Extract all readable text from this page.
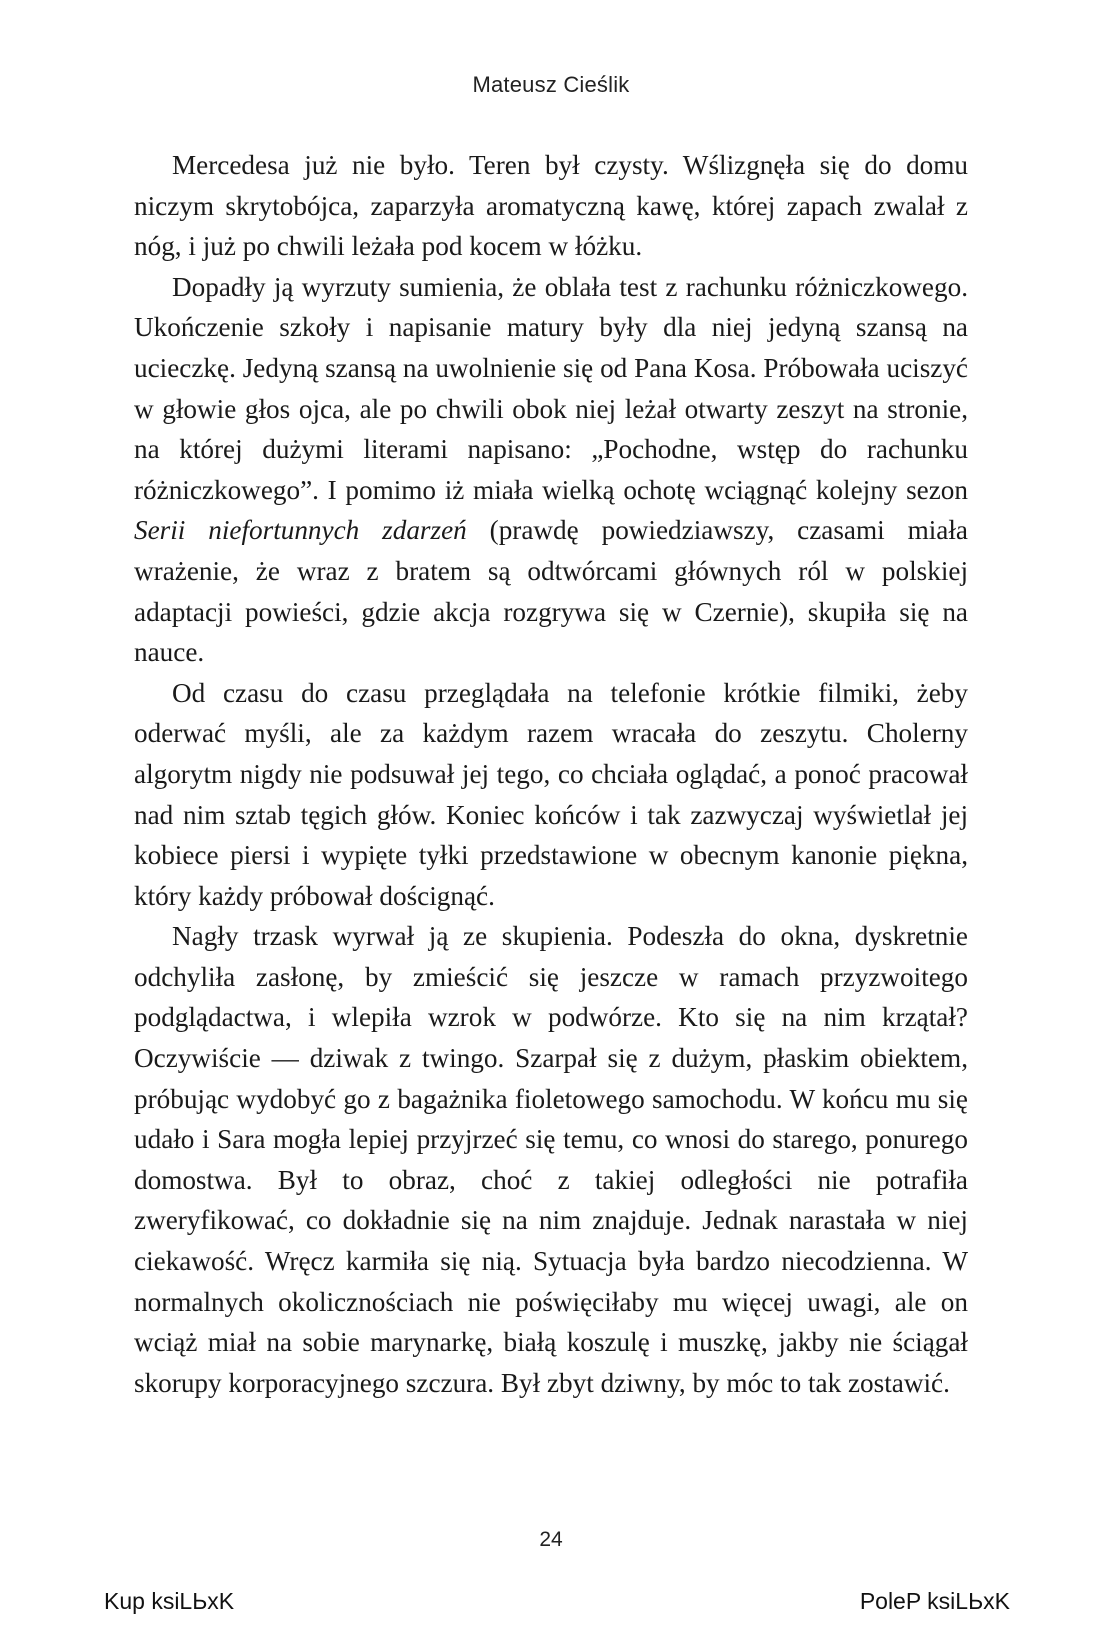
Mateusz Cieślik

Mercedesa już nie było. Teren był czysty. Wślizgnęła się do domu niczym skrytobójca, zaparzyła aromatyczną kawę, której zapach zwalał z nóg, i już po chwili leżała pod kocem w łóżku.

Dopadły ją wyrzuty sumienia, że oblała test z rachunku różniczkowego. Ukończenie szkoły i napisanie matury były dla niej jedyną szansą na ucieczkę. Jedyną szansą na uwolnienie się od Pana Kosa. Próbowała uciszyć w głowie głos ojca, ale po chwili obok niej leżał otwarty zeszyt na stronie, na której dużymi literami napisano: „Pochodne, wstęp do rachunku różniczkowego”. I pomimo iż miała wielką ochotę wciągnąć kolejny sezon Serii niefortunnych zdarzeń (prawdę powiedziawszy, czasami miała wrażenie, że wraz z bratem są odtwórcami głównych ról w polskiej adaptacji powieści, gdzie akcja rozgrywa się w Czernie), skupiła się na nauce.

Od czasu do czasu przeglądała na telefonie krótkie filmiki, żeby oderwać myśli, ale za każdym razem wracała do zeszytu. Cholerny algorytm nigdy nie podsuwał jej tego, co chciała oglądać, a ponoć pracował nad nim sztab tęgich głów. Koniec końców i tak zazwyczaj wyświetlał jej kobiece piersi i wypięte tyłki przedstawione w obecnym kanonie piękna, który każdy próbował doścignąć.

Nagły trzask wyrwał ją ze skupienia. Podeszła do okna, dyskretnie odchyliła zasłonę, by zmieścić się jeszcze w ramach przyzwoitego podglądactwa, i wlepiła wzrok w podwórze. Kto się na nim krzątał? Oczywiście — dziwak z twingo. Szarpał się z dużym, płaskim obiektem, próbując wydobyć go z bagażnika fioletowego samochodu. W końcu mu się udało i Sara mogła lepiej przyjrzeć się temu, co wnosi do starego, ponurego domostwa. Był to obraz, choć z takiej odległości nie potrafiła zweryfikować, co dokładnie się na nim znajduje. Jednak narastała w niej ciekawość. Wręcz karmiła się nią. Sytuacja była bardzo niecodzienna. W normalnych okolicznościach nie poświęciłaby mu więcej uwagi, ale on wciąż miał na sobie marynarkę, białą koszulę i muszkę, jakby nie ściągał skorupy korporacyjnego szczura. Był zbyt dziwny, by móc to tak zostawić.

24
Kup ksiLЬxK	PoleP ksiLЬxK
